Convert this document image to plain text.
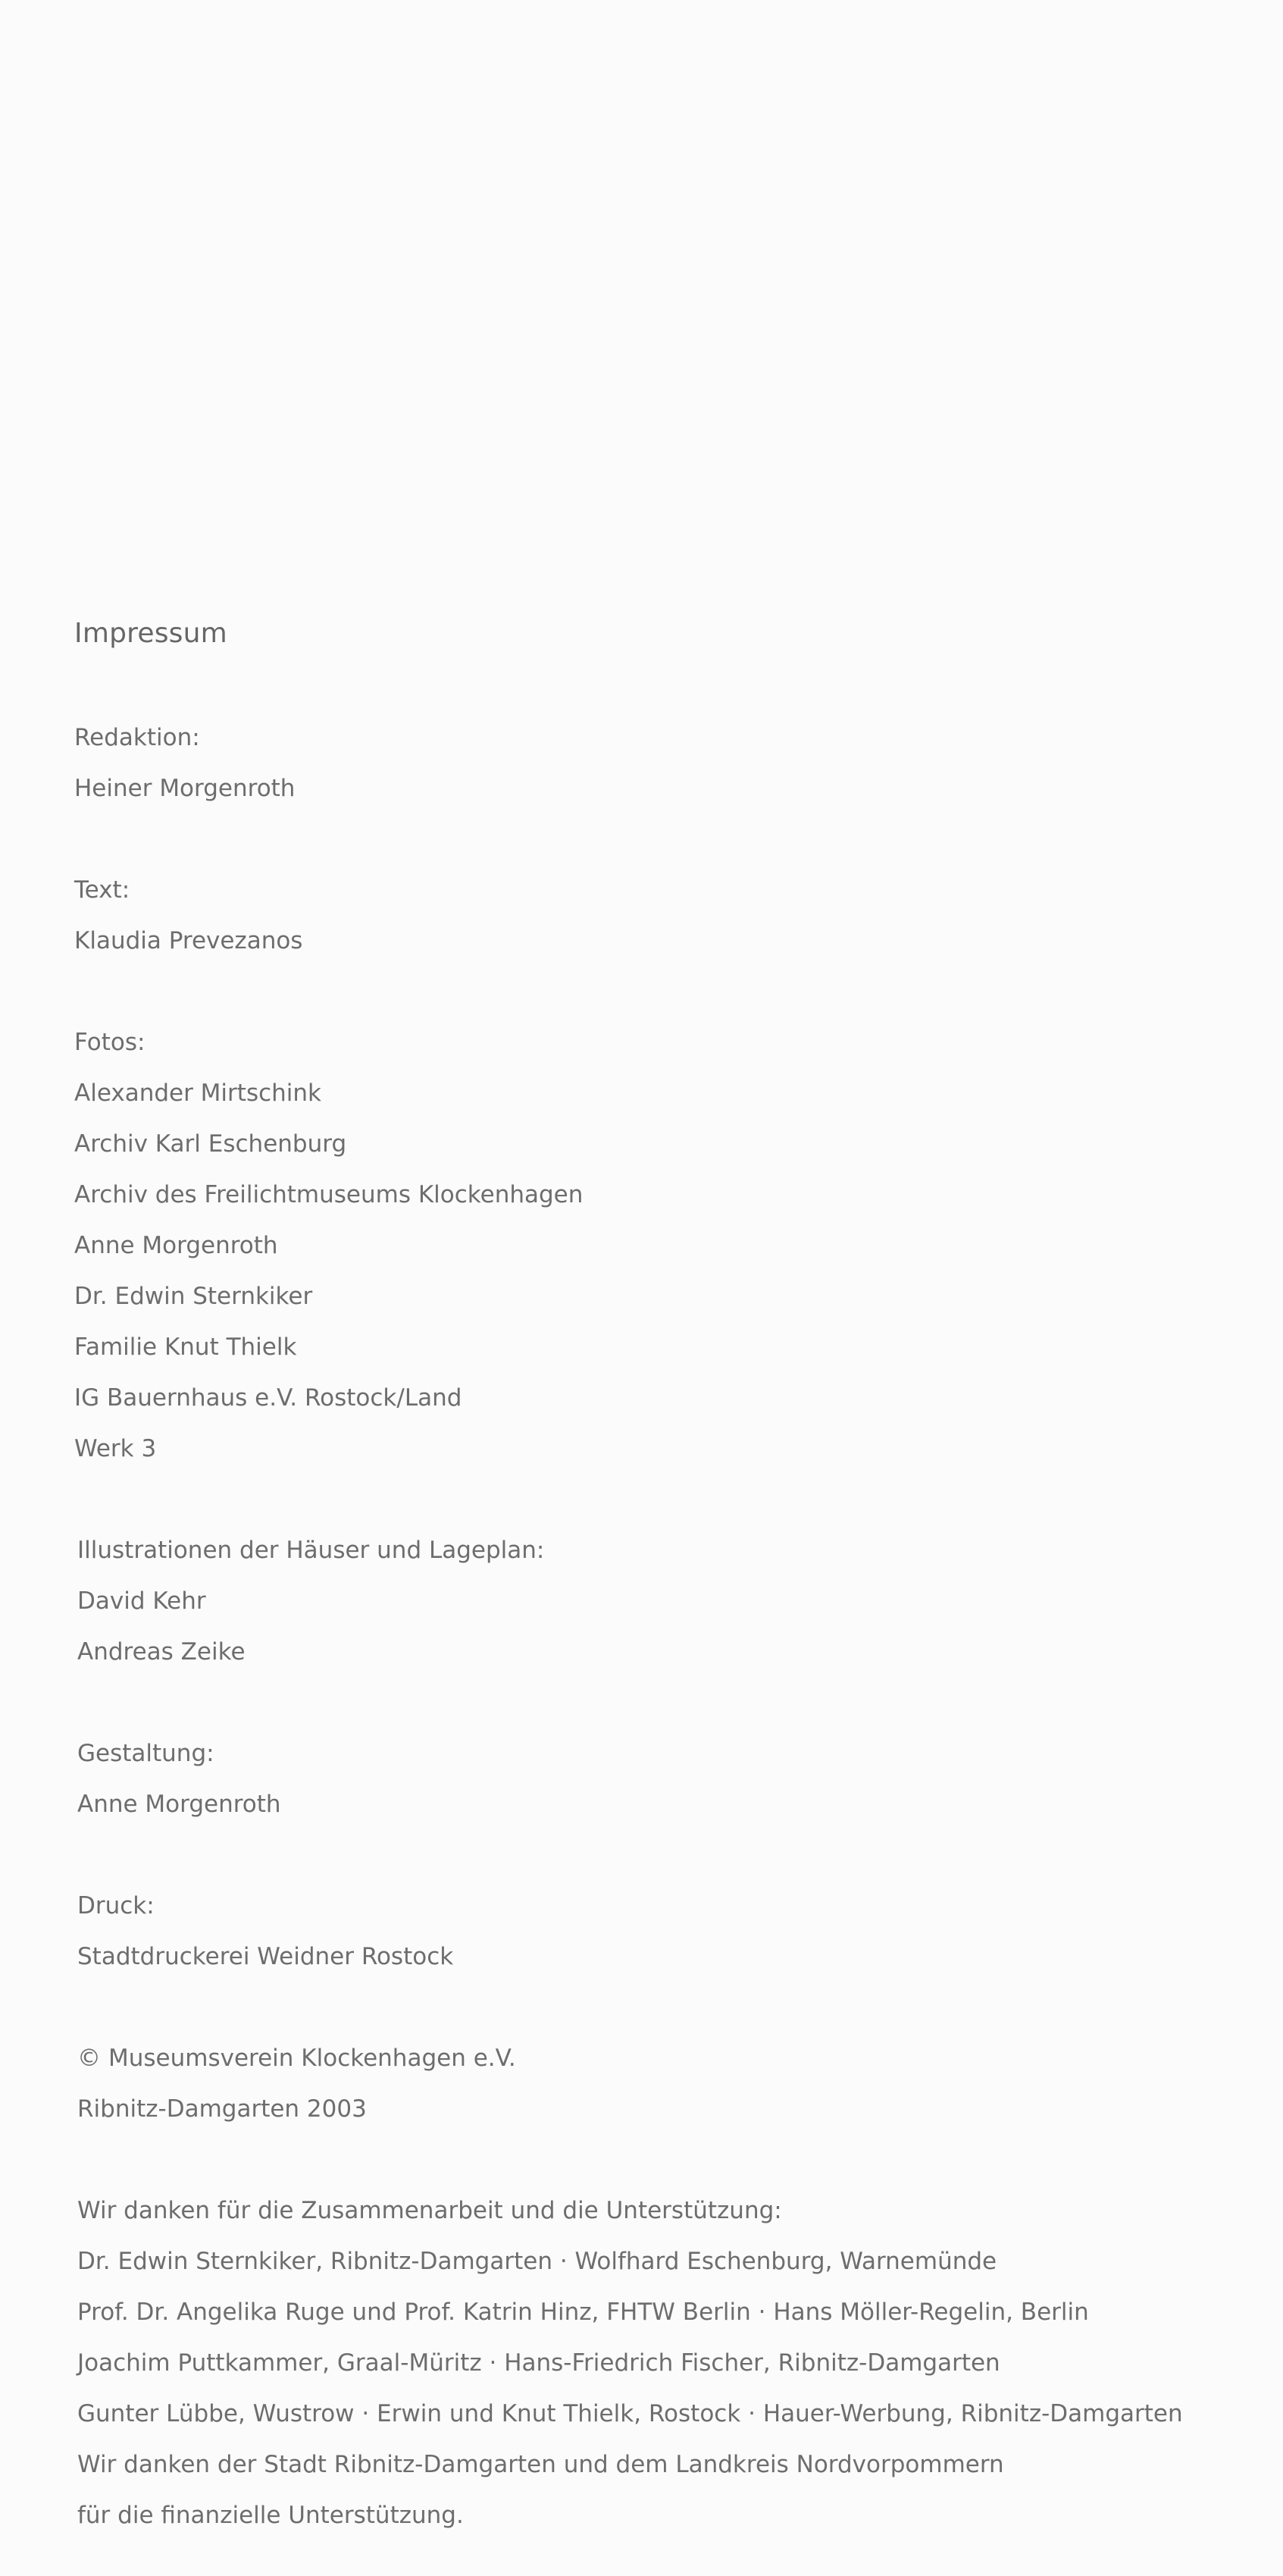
Impressum
Redaktion:
Heiner Morgenroth
Text:
Klaudia Prevezanos
Fotos:
Alexander Mirtschink
Archiv Karl Eschenburg
Archiv des Freilichtmuseums Klockenhagen
Anne Morgenroth
Dr. Edwin Sternkiker
Familie Knut Thielk
IG Bauernhaus e.V. Rostock/Land
Werk 3
Illustrationen der Häuser und Lageplan:
David Kehr
Andreas Zeike
Gestaltung:
Anne Morgenroth
Druck:
Stadtdruckerei Weidner Rostock
© Museumsverein Klockenhagen e.V.
Ribnitz-Damgarten 2003
Wir danken für die Zusammenarbeit und die Unterstützung:
Dr. Edwin Sternkiker, Ribnitz-Damgarten · Wolfhard Eschenburg, Warnemünde
Prof. Dr. Angelika Ruge und Prof. Katrin Hinz, FHTW Berlin · Hans Möller-Regelin, Berlin
Joachim Puttkammer, Graal-Müritz · Hans-Friedrich Fischer, Ribnitz-Damgarten
Gunter Lübbe, Wustrow · Erwin und Knut Thielk, Rostock · Hauer-Werbung, Ribnitz-Damgarten
Wir danken der Stadt Ribnitz-Damgarten und dem Landkreis Nordvorpommern
für die finanzielle Unterstützung.
